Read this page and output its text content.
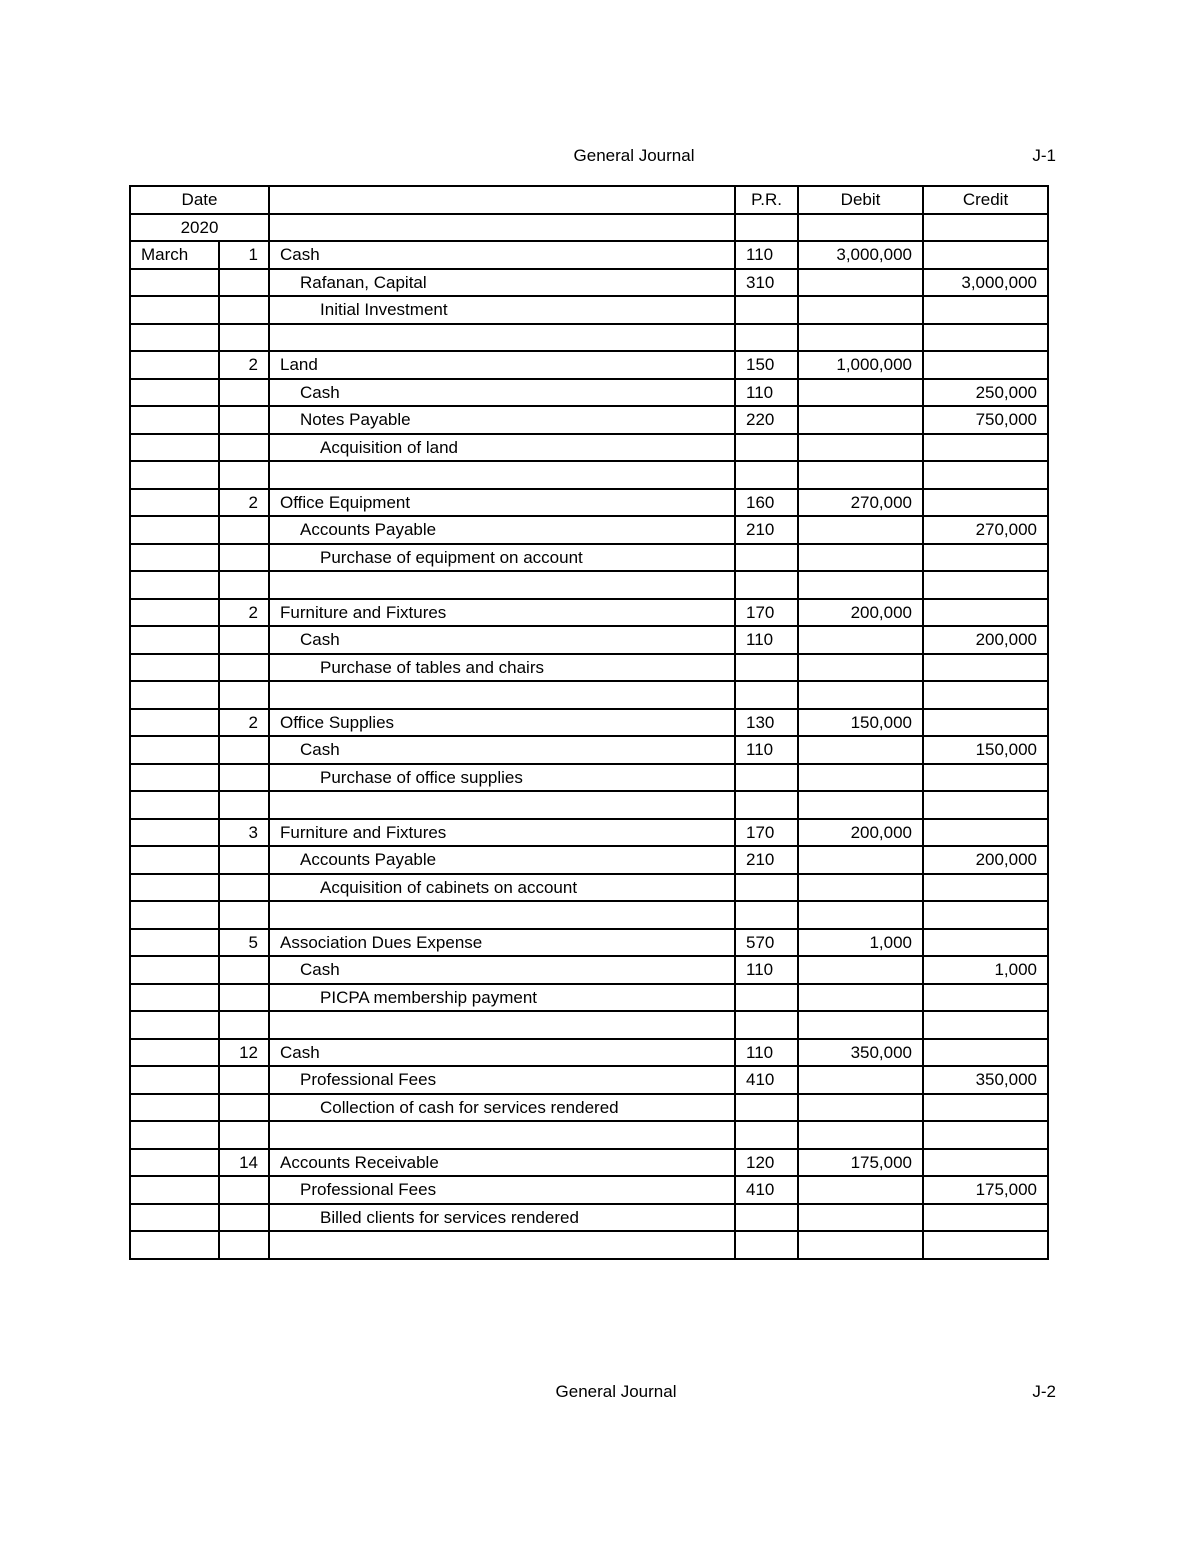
General Journal	J-1
Date			P.R.	Debit	Credit
2020					
March	1	Cash	110	3,000,000	
		Rafanan, Capital	310		3,000,000
		Initial Investment			

	2	Land	150	1,000,000	
		Cash	110		250,000
		Notes Payable	220		750,000
		Acquisition of land			

	2	Office Equipment	160	270,000	
		Accounts Payable	210		270,000
		Purchase of equipment on account			

	2	Furniture and Fixtures	170	200,000	
		Cash	110		200,000
		Purchase of tables and chairs			

	2	Office Supplies	130	150,000	
		Cash	110		150,000
		Purchase of office supplies			

	3	Furniture and Fixtures	170	200,000	
		Accounts Payable	210		200,000
		Acquisition of cabinets on account			

	5	Association Dues Expense	570	1,000	
		Cash	110		1,000
		PICPA membership payment			

	12	Cash	110	350,000	
		Professional Fees	410		350,000
		Collection of cash for services rendered			

	14	Accounts Receivable	120	175,000	
		Professional Fees	410		175,000
		Billed clients for services rendered			

General Journal	J-2
